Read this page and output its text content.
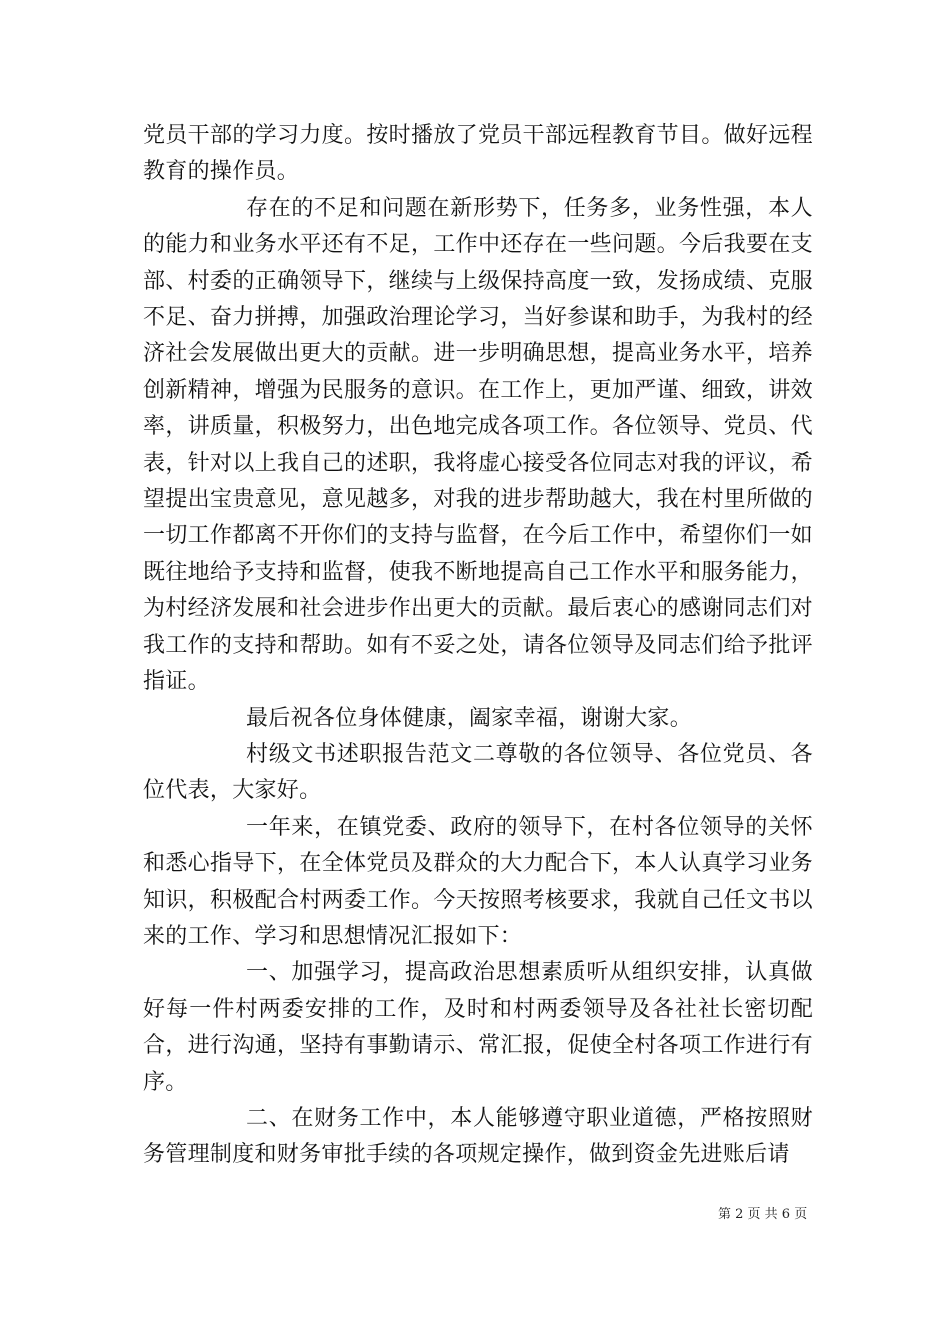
党员干部的学习力度。按时播放了党员干部远程教育节目。做好远程教育的操作员。

存在的不足和问题在新形势下，任务多，业务性强，本人的能力和业务水平还有不足，工作中还存在一些问题。今后我要在支部、村委的正确领导下，继续与上级保持高度一致，发扬成绩、克服不足、奋力拼搏，加强政治理论学习，当好参谋和助手，为我村的经济社会发展做出更大的贡献。进一步明确思想，提高业务水平，培养创新精神，增强为民服务的意识。在工作上，更加严谨、细致，讲效率，讲质量，积极努力，出色地完成各项工作。各位领导、党员、代表，针对以上我自己的述职，我将虚心接受各位同志对我的评议，希望提出宝贵意见，意见越多，对我的进步帮助越大，我在村里所做的一切工作都离不开你们的支持与监督，在今后工作中，希望你们一如既往地给予支持和监督，使我不断地提高自己工作水平和服务能力，为村经济发展和社会进步作出更大的贡献。最后衷心的感谢同志们对我工作的支持和帮助。如有不妥之处，请各位领导及同志们给予批评指证。

最后祝各位身体健康，阖家幸福，谢谢大家。

村级文书述职报告范文二尊敬的各位领导、各位党员、各位代表，大家好。

一年来，在镇党委、政府的领导下，在村各位领导的关怀和悉心指导下，在全体党员及群众的大力配合下，本人认真学习业务知识，积极配合村两委工作。今天按照考核要求，我就自己任文书以来的工作、学习和思想情况汇报如下：

一、加强学习，提高政治思想素质听从组织安排，认真做好每一件村两委安排的工作，及时和村两委领导及各社社长密切配合，进行沟通，坚持有事勤请示、常汇报，促使全村各项工作进行有序。

二、在财务工作中，本人能够遵守职业道德，严格按照财务管理制度和财务审批手续的各项规定操作，做到资金先进账后请

第 2 页 共 6 页
